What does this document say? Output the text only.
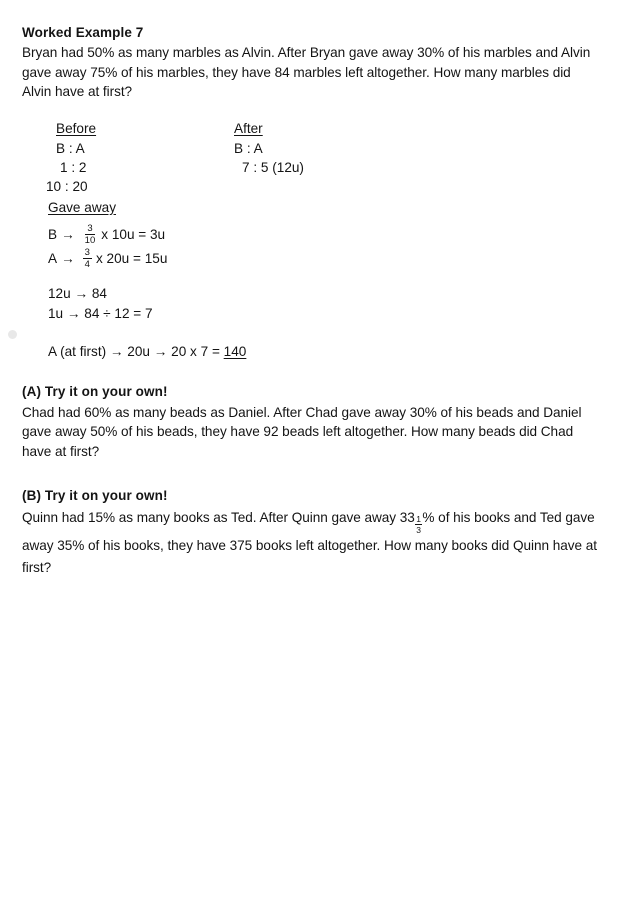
Worked Example 7

Bryan had 50% as many marbles as Alvin. After Bryan gave away 30% of his marbles and Alvin gave away 75% of his marbles, they have 84 marbles left altogether. How many marbles did Alvin have at first?

Before
B : A
1 : 2
10 : 20
After
B : A
7 : 5 (12u)
Gave away
$B \to \frac{3}{10}$ x 10u = 3u
$A \to \frac{3}{4}$ x 20u = 15u
12u → 84
1u → 84 ÷ 12 = 7
A (at first) → 20u → 20 x 7 = 140
(A) Try it on your own!

Chad had 60% as many beads as Daniel. After Chad gave away 30% of his beads and Daniel gave away 50% of his beads, they have 92 beads left altogether. How many beads did Chad have at first?

(B) Try it on your own!

Quinn had 15% as many books as Ted. After Quinn gave away $33 \frac{1}{3}$ % of his books and Ted gave away 35% of his books, they have 375 books left altogether. How many books did Quinn have at first?
